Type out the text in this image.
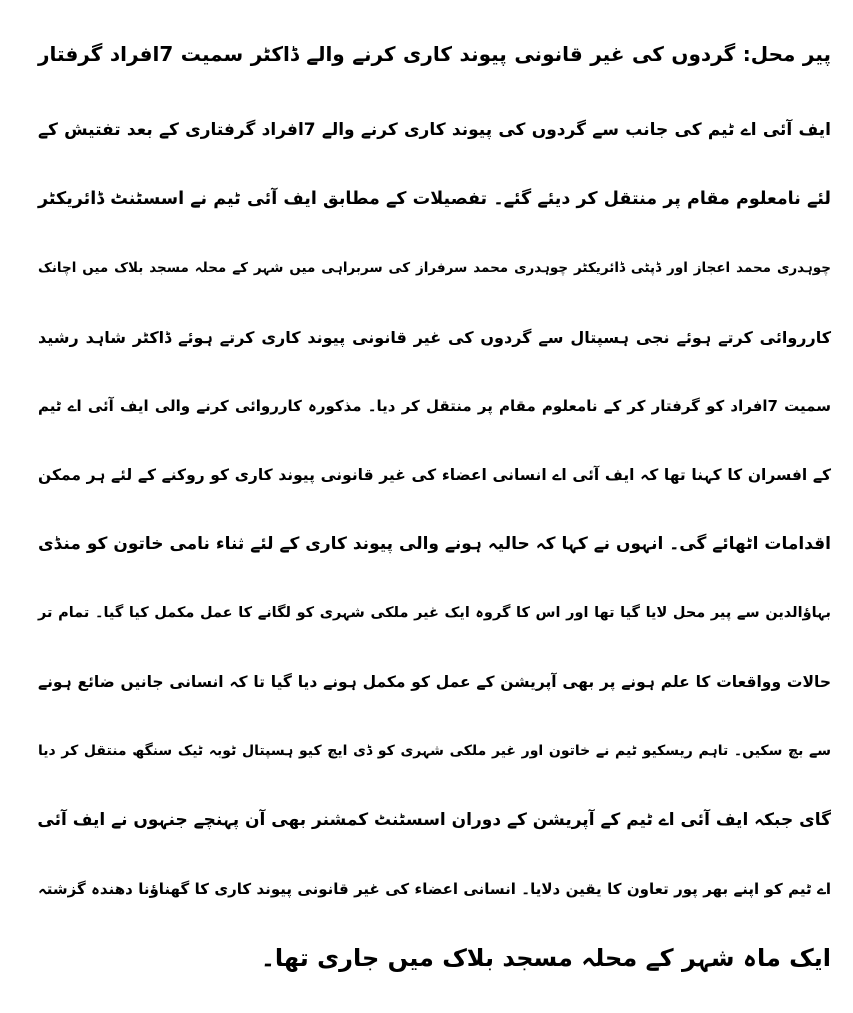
پیر محل: گردوں کی غیر قانونی پیوند کاری کرنے والے ڈاکٹر سمیت 7افراد گرفتار

ایف آئی اے ٹیم کی جانب سے گردوں کی پیوند کاری کرنے والے 7افراد گرفتاری کے بعد تفتیش کے

لئے نامعلوم مقام پر منتقل کر دیئے گئے۔ تفصیلات کے مطابق ایف آئی ٹیم نے اسسٹنٹ ڈائریکٹر

چوہدری محمد اعجاز اور ڈپٹی ڈائریکٹر چوہدری محمد سرفراز کی سربراہی میں شہر کے محلہ مسجد بلاک میں اچانک

کارروائی کرتے ہوئے نجی ہسپتال سے گردوں کی غیر قانونی پیوند کاری کرتے ہوئے ڈاکٹر شاہد رشید

سمیت 7افراد کو گرفتار کر کے نامعلوم مقام پر منتقل کر دیا۔ مذکورہ کارروائی کرنے والی ایف آئی اے ٹیم

کے افسران کا کہنا تھا کہ ایف آئی اے انسانی اعضاء کی غیر قانونی پیوند کاری کو روکنے کے لئے ہر ممکن

اقدامات اٹھائے گی۔ انہوں نے کہا کہ حالیہ ہونے والی پیوند کاری کے لئے ثناء نامی خاتون کو منڈی

بہاؤالدین سے پیر محل لایا گیا تھا اور اس کا گروہ ایک غیر ملکی شہری کو لگانے کا عمل مکمل کیا گیا۔ تمام تر

حالات وواقعات کا علم ہونے پر بھی آپریشن کے عمل کو مکمل ہونے دیا گیا تا کہ انسانی جانیں ضائع ہونے

سے بچ سکیں۔ تاہم ریسکیو ٹیم نے خاتون اور غیر ملکی شہری کو ڈی ایچ کیو ہسپتال ٹوبہ ٹیک سنگھ منتقل کر دیا

گای جبکہ ایف آئی اے ٹیم کے آپریشن کے دوران اسسٹنٹ کمشنر بھی آن پہنچے جنہوں نے ایف آئی

اے ٹیم کو اپنے بھر پور تعاون کا یقین دلایا۔ انسانی اعضاء کی غیر قانونی پیوند کاری کا گھناؤنا دھندہ گزشتہ

ایک ماہ شہر کے محلہ مسجد بلاک میں جاری تھا۔
